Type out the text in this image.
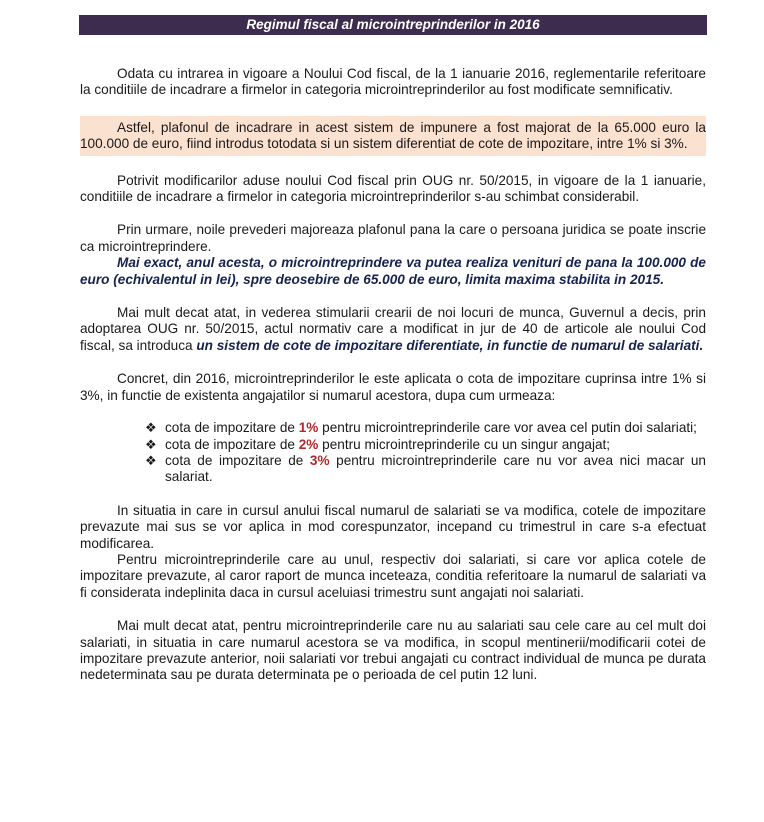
Regimul fiscal al microintreprinderilor in 2016

Odata cu intrarea in vigoare a Noului Cod fiscal, de la 1 ianuarie 2016, reglementarile referitoare la conditiile de incadrare a firmelor in categoria microintreprinderilor au fost modificate semnificativ.

Astfel, plafonul de incadrare in acest sistem de impunere a fost majorat de la 65.000 euro la 100.000 de euro, fiind introdus totodata si un sistem diferentiat de cote de impozitare, intre 1% si 3%.

Potrivit modificarilor aduse noului Cod fiscal prin OUG nr. 50/2015, in vigoare de la 1 ianuarie, conditiile de incadrare a firmelor in categoria microintreprinderilor s-au schimbat considerabil.

Prin urmare, noile prevederi majoreaza plafonul pana la care o persoana juridica se poate inscrie ca microintreprindere.

Mai exact, anul acesta, o microintreprindere va putea realiza venituri de pana la 100.000 de euro (echivalentul in lei), spre deosebire de 65.000 de euro, limita maxima stabilita in 2015.

Mai mult decat atat, in vederea stimularii crearii de noi locuri de munca, Guvernul a decis, prin adoptarea OUG nr. 50/2015, actul normativ care a modificat in jur de 40 de articole ale noului Cod fiscal, sa introduca un sistem de cote de impozitare diferentiate, in functie de numarul de salariati.

Concret, din 2016, microintreprinderilor le este aplicata o cota de impozitare cuprinsa intre 1% si 3%, in functie de existenta angajatilor si numarul acestora, dupa cum urmeaza:

❖ cota de impozitare de 1% pentru microintreprinderile care vor avea cel putin doi salariati;
❖ cota de impozitare de 2% pentru microintreprinderile cu un singur angajat;
❖ cota de impozitare de 3% pentru microintreprinderile care nu vor avea nici macar un salariat.

In situatia in care in cursul anului fiscal numarul de salariati se va modifica, cotele de impozitare prevazute mai sus se vor aplica in mod corespunzator, incepand cu trimestrul in care s-a efectuat modificarea.

Pentru microintreprinderile care au unul, respectiv doi salariati, si care vor aplica cotele de impozitare prevazute, al caror raport de munca inceteaza, conditia referitoare la numarul de salariati va fi considerata indeplinita daca in cursul aceluiasi trimestru sunt angajati noi salariati.

Mai mult decat atat, pentru microintreprinderile care nu au salariati sau cele care au cel mult doi salariati, in situatia in care numarul acestora se va modifica, in scopul mentinerii/modificarii cotei de impozitare prevazute anterior, noii salariati vor trebui angajati cu contract individual de munca pe durata nedeterminata sau pe durata determinata pe o perioada de cel putin 12 luni.
